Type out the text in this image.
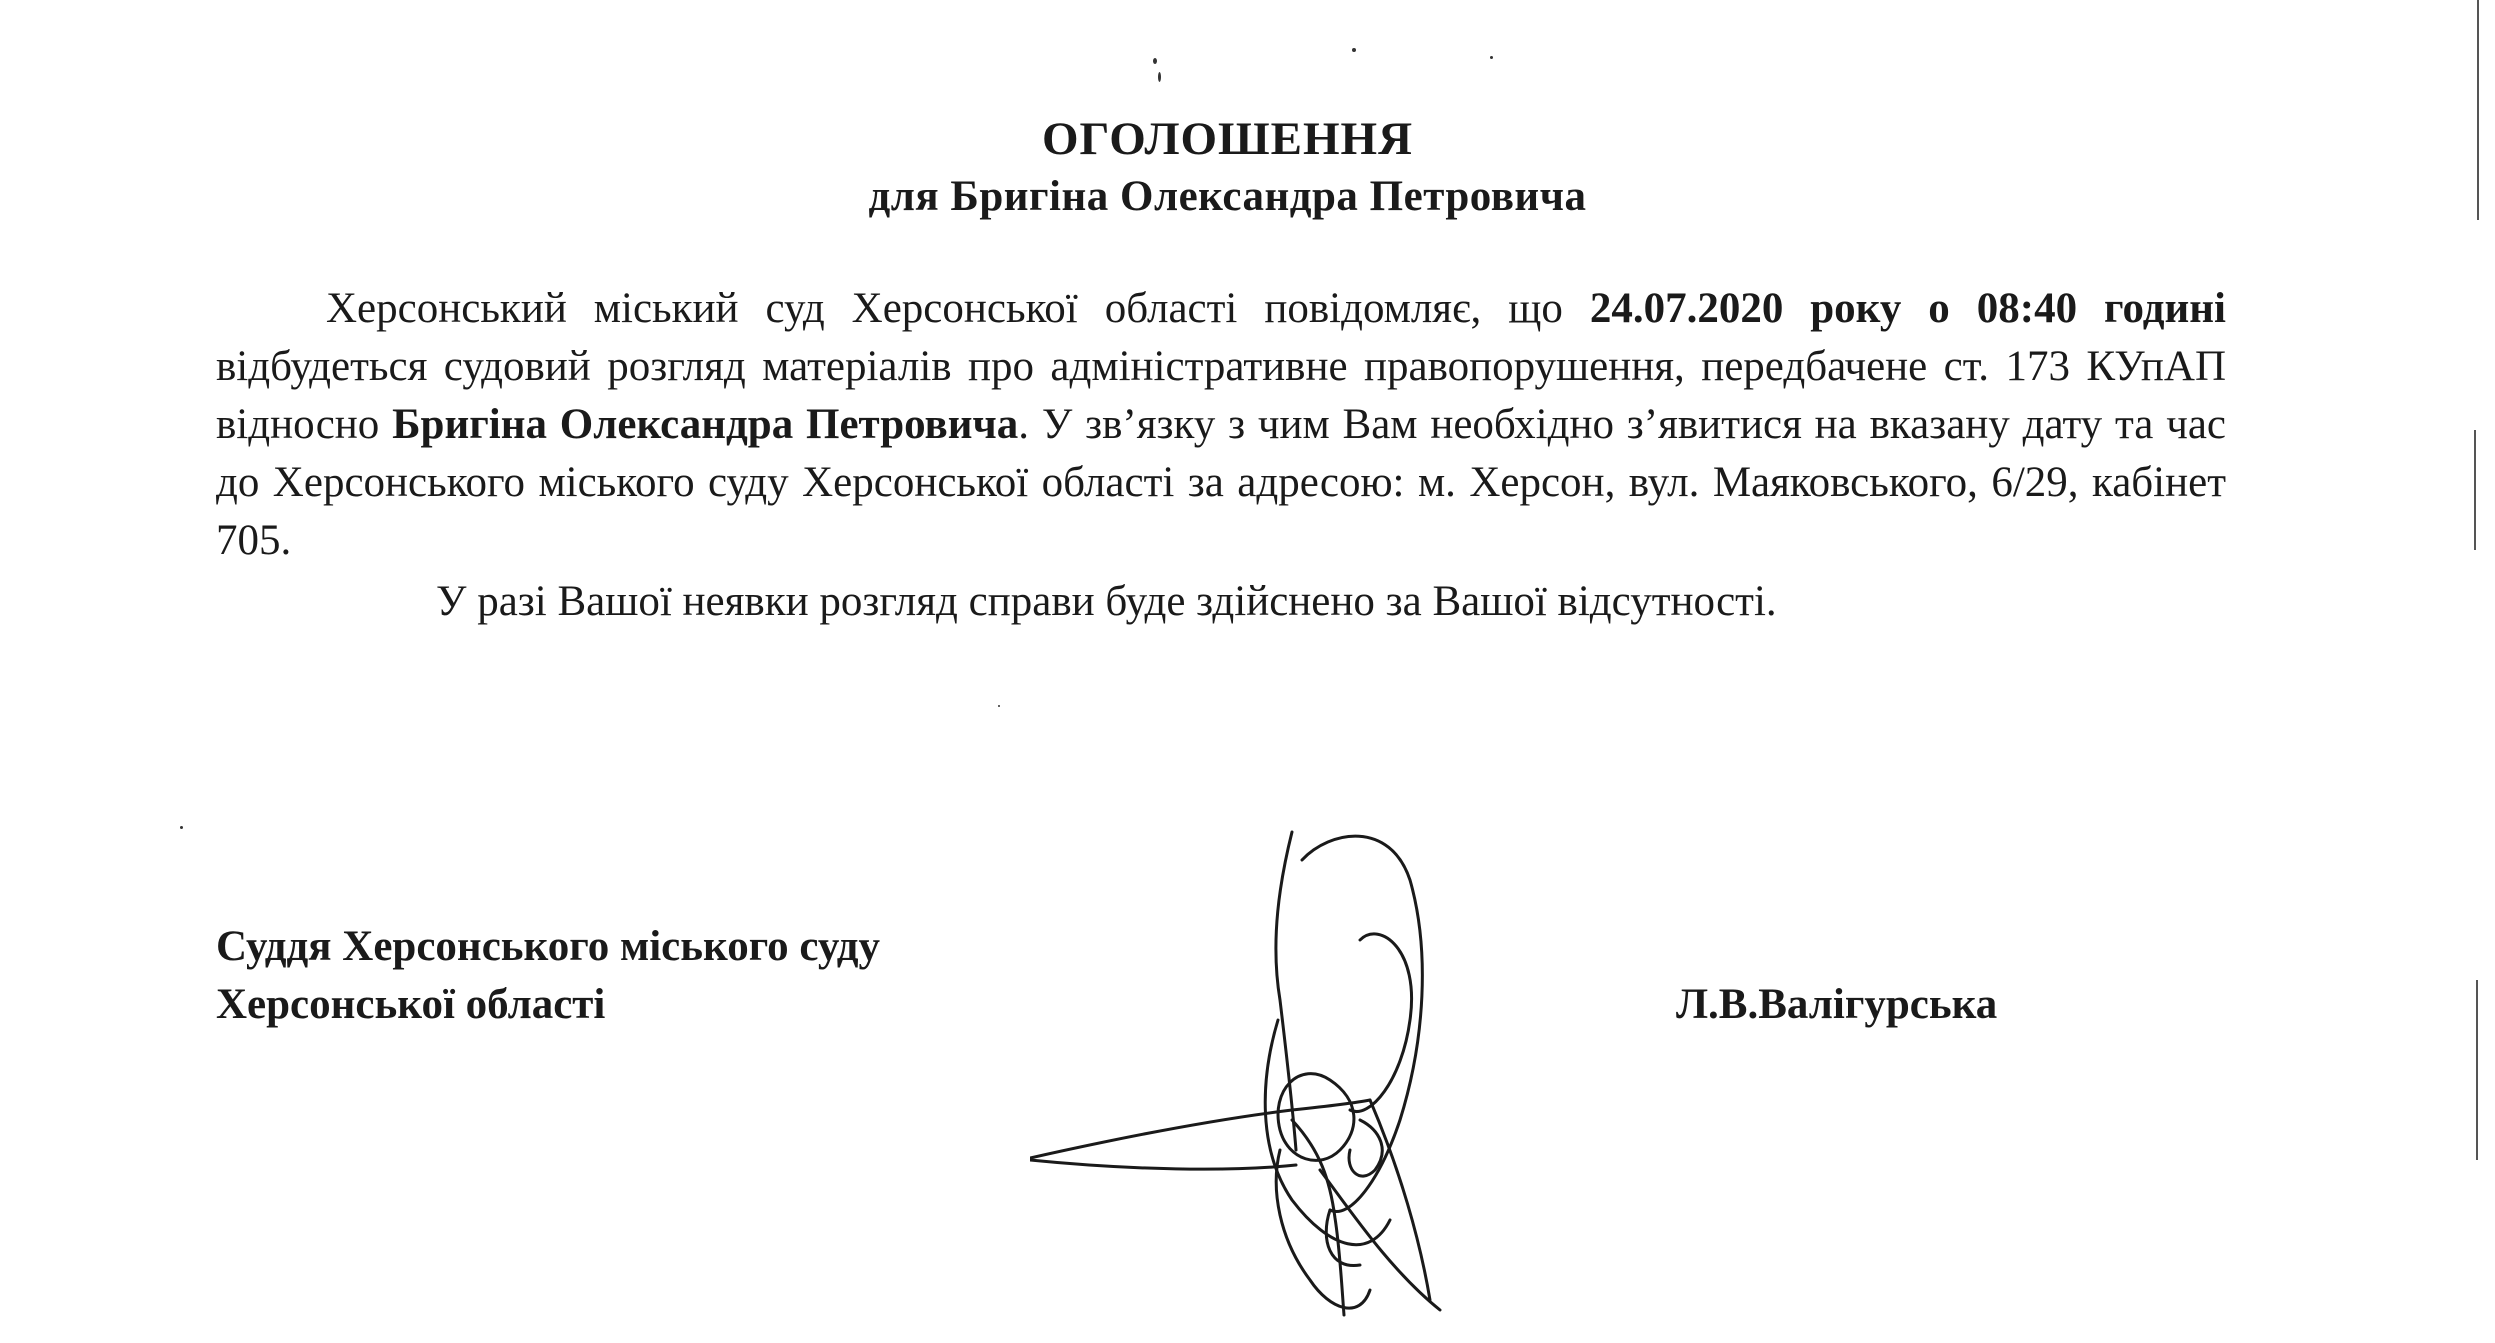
ОГОЛОШЕННЯ
для Бригіна Олександра Петровича
Херсонський міський суд Херсонської області повідомляє, що 24.07.2020 року о 08:40 годині відбудеться судовий розгляд матеріалів про адміністративне правопорушення, передбачене ст. 173 КУпАП відносно Бригіна Олександра Петровича. У зв’язку з чим Вам необхідно з’явитися на вказану дату та час до Херсонського міського суду Херсонської області за адресою: м. Херсон, вул. Маяковського, 6/29, кабінет 705.
У разі Вашої неявки розгляд справи буде здійснено за Вашої відсутності.
Суддя Херсонського міського суду
Херсонської області	Л.В.Валігурська
